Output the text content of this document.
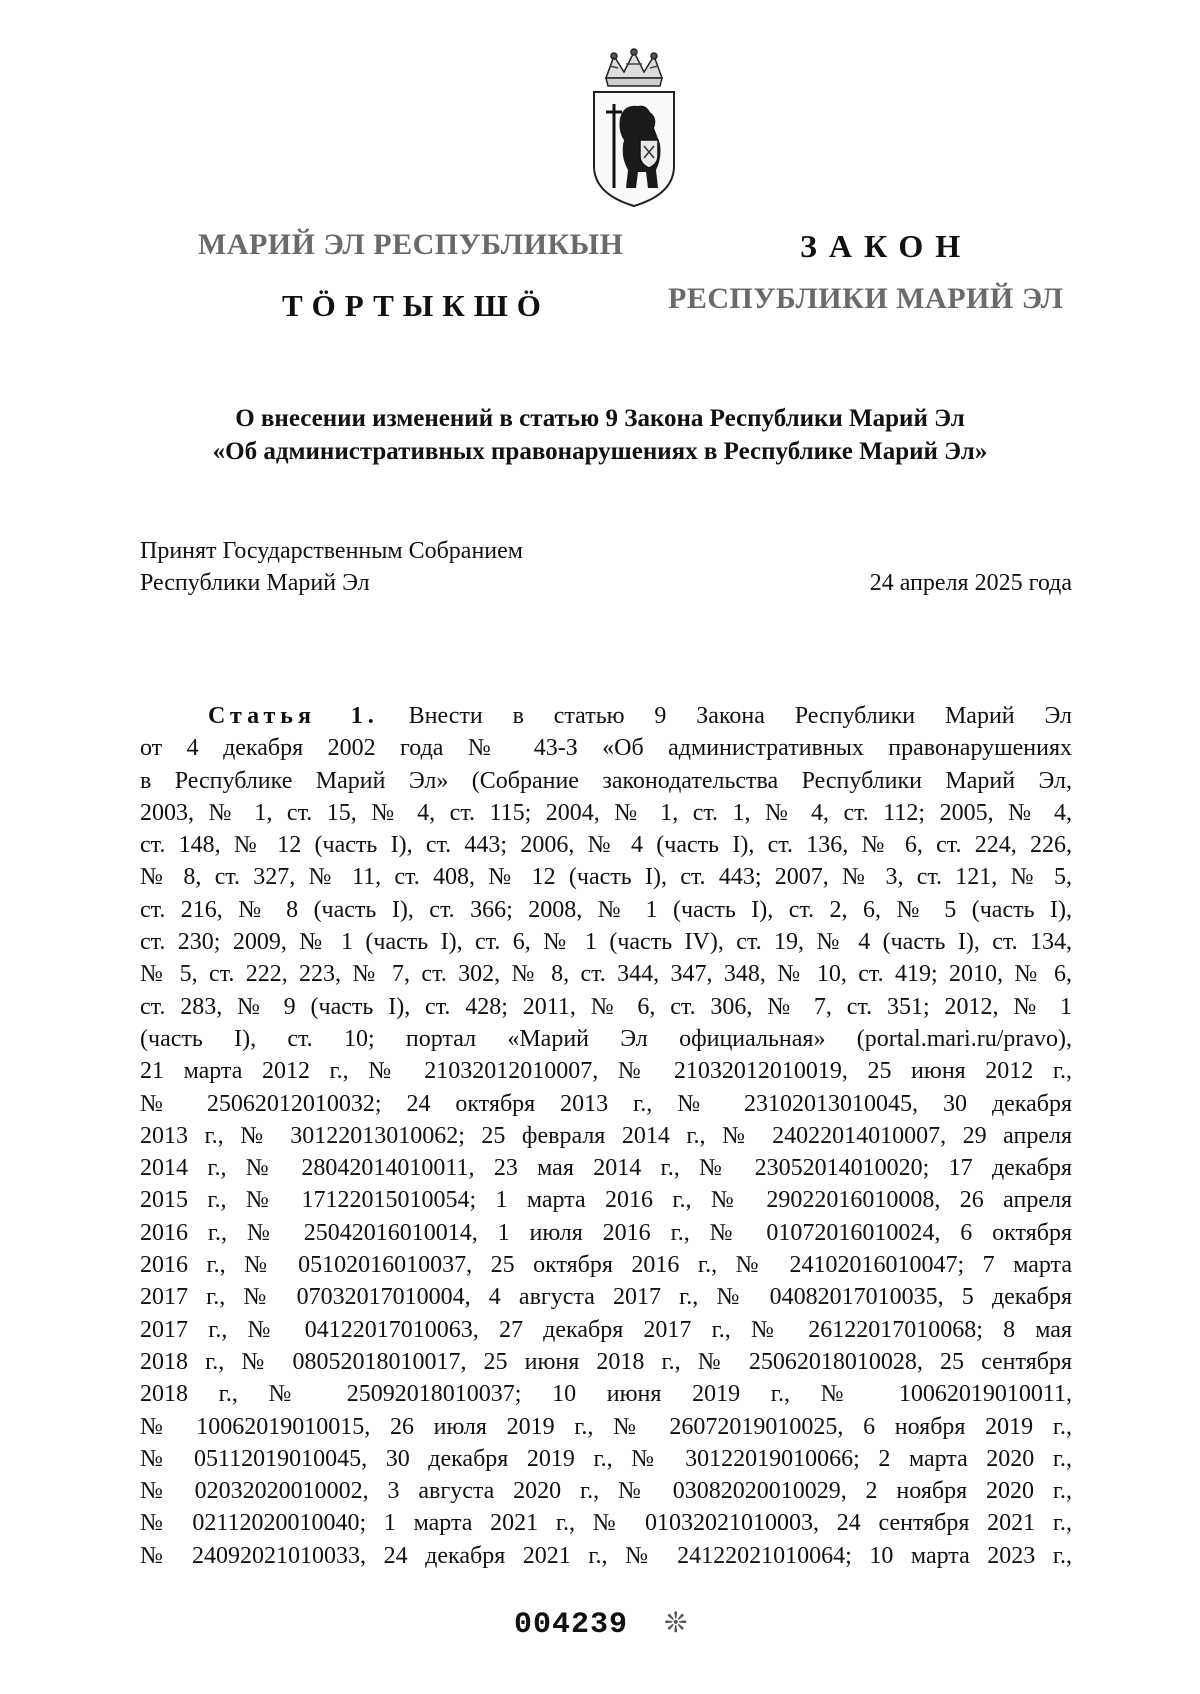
МАРИЙ ЭЛ РЕСПУБЛИКЫН
ТӦРТЫКШӦ
ЗАКОН
РЕСПУБЛИКИ МАРИЙ ЭЛ
О внесении изменений в статью 9 Закона Республики Марий Эл
«Об административных правонарушениях в Республике Марий Эл»
Принят Государственным Собранием
Республики Марий Эл	24 апреля 2025 года
Статья 1. Внести в статью 9 Закона Республики Марий Эл
от 4 декабря 2002 года № 43-З «Об административных правонарушениях
в Республике Марий Эл» (Собрание законодательства Республики Марий Эл,
2003, № 1, ст. 15, № 4, ст. 115; 2004, № 1, ст. 1, № 4, ст. 112; 2005, № 4,
ст. 148, № 12 (часть I), ст. 443; 2006, № 4 (часть I), ст. 136, № 6, ст. 224, 226,
№ 8, ст. 327, № 11, ст. 408, № 12 (часть I), ст. 443; 2007, № 3, ст. 121, № 5,
ст. 216, № 8 (часть I), ст. 366; 2008, № 1 (часть I), ст. 2, 6, № 5 (часть I),
ст. 230; 2009, № 1 (часть I), ст. 6, № 1 (часть IV), ст. 19, № 4 (часть I), ст. 134,
№ 5, ст. 222, 223, № 7, ст. 302, № 8, ст. 344, 347, 348, № 10, ст. 419; 2010, № 6,
ст. 283, № 9 (часть I), ст. 428; 2011, № 6, ст. 306, № 7, ст. 351; 2012, № 1
(часть I), ст. 10; портал «Марий Эл официальная» (portal.mari.ru/pravo),
21 марта 2012 г., № 21032012010007, № 21032012010019, 25 июня 2012 г.,
№ 25062012010032; 24 октября 2013 г., № 23102013010045, 30 декабря
2013 г., № 30122013010062; 25 февраля 2014 г., № 24022014010007, 29 апреля
2014 г., № 28042014010011, 23 мая 2014 г., № 23052014010020; 17 декабря
2015 г., № 17122015010054; 1 марта 2016 г., № 29022016010008, 26 апреля
2016 г., № 25042016010014, 1 июля 2016 г., № 01072016010024, 6 октября
2016 г., № 05102016010037, 25 октября 2016 г., № 24102016010047; 7 марта
2017 г., № 07032017010004, 4 августа 2017 г., № 04082017010035, 5 декабря
2017 г., № 04122017010063, 27 декабря 2017 г., № 26122017010068; 8 мая
2018 г., № 08052018010017, 25 июня 2018 г., № 25062018010028, 25 сентября
2018 г., № 25092018010037; 10 июня 2019 г., № 10062019010011,
№ 10062019010015, 26 июля 2019 г., № 26072019010025, 6 ноября 2019 г.,
№ 05112019010045, 30 декабря 2019 г., № 30122019010066; 2 марта 2020 г.,
№ 02032020010002, 3 августа 2020 г., № 03082020010029, 2 ноября 2020 г.,
№ 02112020010040; 1 марта 2021 г., № 01032021010003, 24 сентября 2021 г.,
№ 24092021010033, 24 декабря 2021 г., № 24122021010064; 10 марта 2023 г.,
004239 ❊
